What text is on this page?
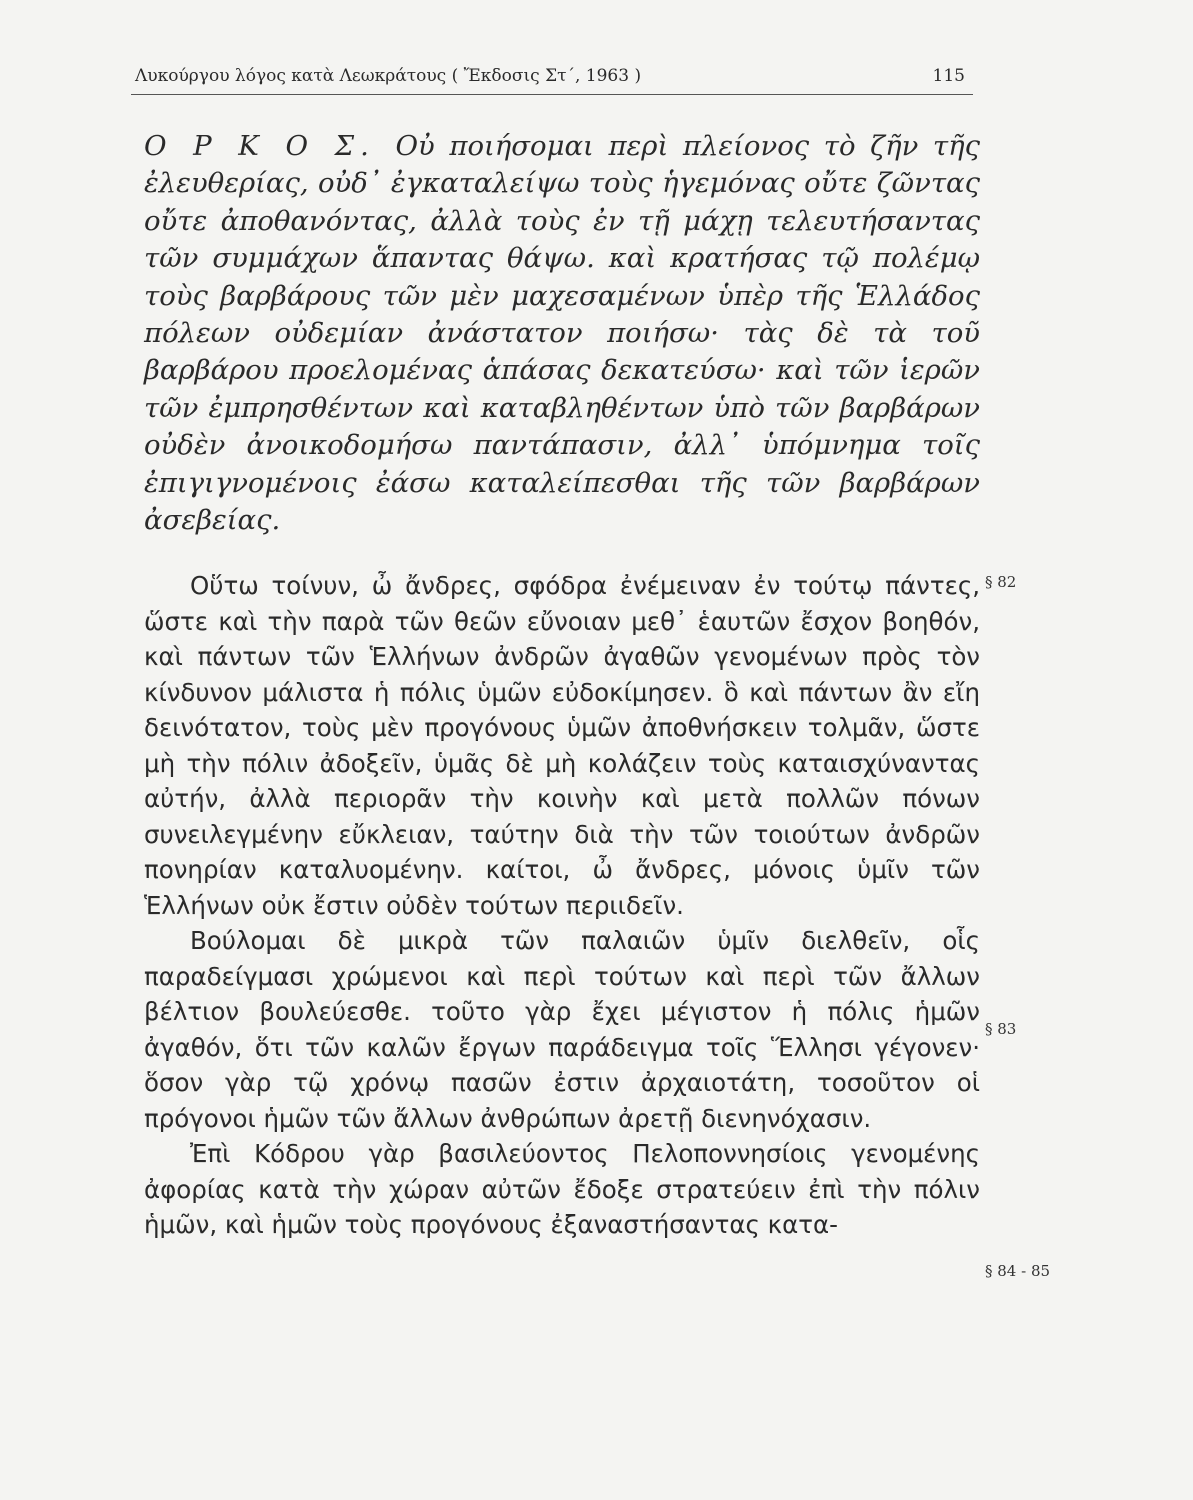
Λυκούργου λόγος κατὰ Λεωκράτους ( Ἔκδοσις Στ΄, 1963 )	115
Ο Ρ Κ Ο Σ. Οὐ ποιήσομαι περὶ πλείονος τὸ ζῆν τῆς ἐλευθερίας, οὐδ᾽ ἐγκαταλείψω τοὺς ἡγεμόνας οὔτε ζῶντας οὔτε ἀποθανόντας, ἀλλὰ τοὺς ἐν τῇ μάχῃ τελευτήσαντας τῶν συμμάχων ἅπαντας θάψω. καὶ κρατήσας τῷ πολέμῳ τοὺς βαρβάρους τῶν μὲν μαχεσαμένων ὑπὲρ τῆς Ἑλλάδος πόλεων οὐδεμίαν ἀνάστατον ποιήσω· τὰς δὲ τὰ τοῦ βαρβάρου προελομένας ἁπάσας δεκατεύσω· καὶ τῶν ἱερῶν τῶν ἐμπρησθέντων καὶ καταβληθέντων ὑπὸ τῶν βαρβάρων οὐδὲν ἀνοικοδομήσω παντάπασιν, ἀλλ᾽ ὑπόμνημα τοῖς ἐπιγιγνομένοις ἐάσω καταλείπεσθαι τῆς τῶν βαρβάρων ἀσεβείας.

Οὕτω τοίνυν, ὦ ἄνδρες, σφόδρα ἐνέμειναν ἐν τούτῳ πάντες, ὥστε καὶ τὴν παρὰ τῶν θεῶν εὔνοιαν μεθ᾽ ἑαυτῶν ἔσχον βοηθόν, καὶ πάντων τῶν Ἑλλήνων ἀνδρῶν ἀγαθῶν γενομένων πρὸς τὸν κίνδυνον μάλιστα ἡ πόλις ὑμῶν εὐδοκίμησεν. ὃ καὶ πάντων ἂν εἴη δεινότατον, τοὺς μὲν προγόνους ὑμῶν ἀποθνήσκειν τολμᾶν, ὥστε μὴ τὴν πόλιν ἀδοξεῖν, ὑμᾶς δὲ μὴ κολάζειν τοὺς καταισχύναντας αὐτήν, ἀλλὰ περιορᾶν τὴν κοινὴν καὶ μετὰ πολλῶν πόνων συνειλεγμένην εὔκλειαν, ταύτην διὰ τὴν τῶν τοιούτων ἀνδρῶν πονηρίαν καταλυομένην. καίτοι, ὦ ἄνδρες, μόνοις ὑμῖν τῶν Ἑλλήνων οὐκ ἔστιν οὐδὲν τούτων περιιδεῖν.

Βούλομαι δὲ μικρὰ τῶν παλαιῶν ὑμῖν διελθεῖν, οἷς παραδείγμασι χρώμενοι καὶ περὶ τούτων καὶ περὶ τῶν ἄλλων βέλτιον βουλεύεσθε. τοῦτο γὰρ ἔχει μέγιστον ἡ πόλις ἡμῶν ἀγαθόν, ὅτι τῶν καλῶν ἔργων παράδειγμα τοῖς Ἕλλησι γέγονεν· ὅσον γὰρ τῷ χρόνῳ πασῶν ἐστιν ἀρχαιοτάτη, τοσοῦτον οἱ πρόγονοι ἡμῶν τῶν ἄλλων ἀνθρώπων ἀρετῇ διενηνόχασιν.

Ἐπὶ Κόδρου γὰρ βασιλεύοντος Πελοποννησίοις γενομένης ἀφορίας κατὰ τὴν χώραν αὐτῶν ἔδοξε στρατεύειν ἐπὶ τὴν πόλιν ἡμῶν, καὶ ἡμῶν τοὺς προγόνους ἐξαναστήσαντας κατα-

§ 82
§ 83
§ 84 - 85
